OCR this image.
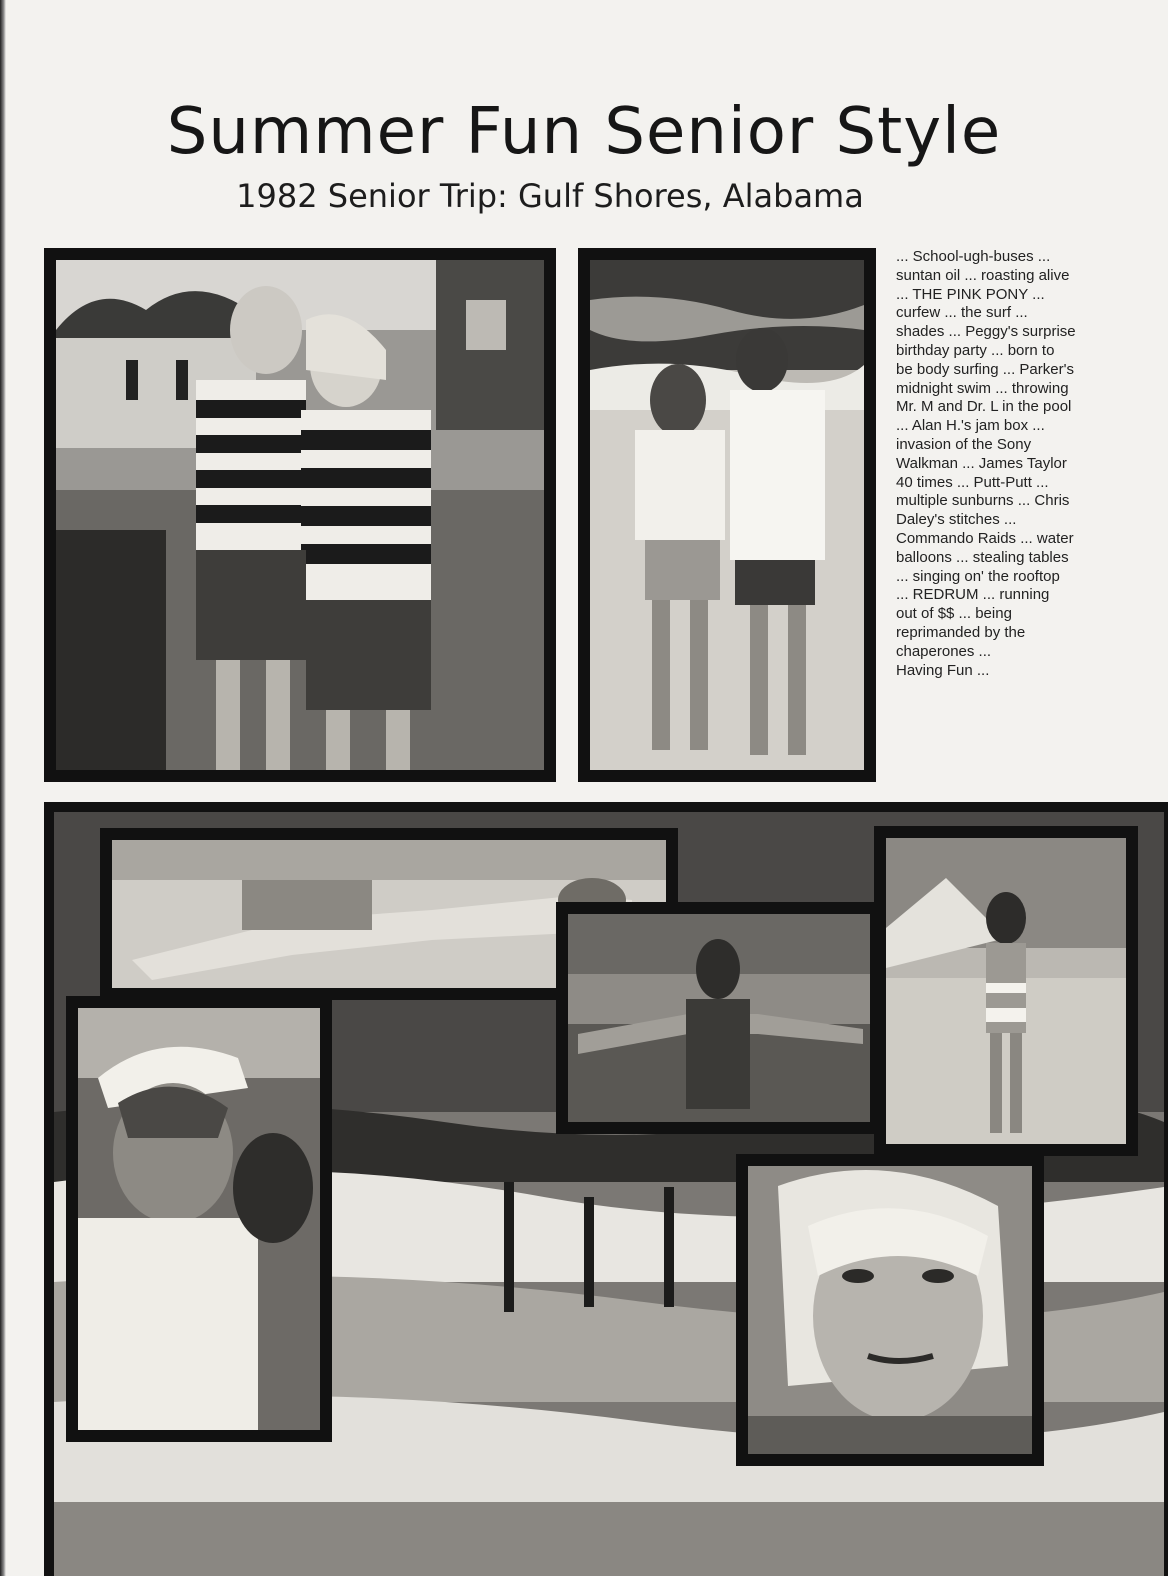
Summer Fun Senior Style
1982 Senior Trip: Gulf Shores, Alabama

... School-ugh-buses ...
suntan oil ... roasting alive
... THE PINK PONY ...
curfew ... the surf ...
shades ... Peggy's surprise
birthday party ... born to
be body surfing ... Parker's
midnight swim ... throwing
Mr. M and Dr. L in the pool
... Alan H.'s jam box ...
invasion of the Sony
Walkman ... James Taylor
40 times ... Putt-Putt ...
multiple sunburns ... Chris
Daley's stitches ...
Commando Raids ... water
balloons ... stealing tables
... singing on' the rooftop
... REDRUM ... running
out of $$ ... being
reprimanded by the
chaperones ...
Having Fun ...
